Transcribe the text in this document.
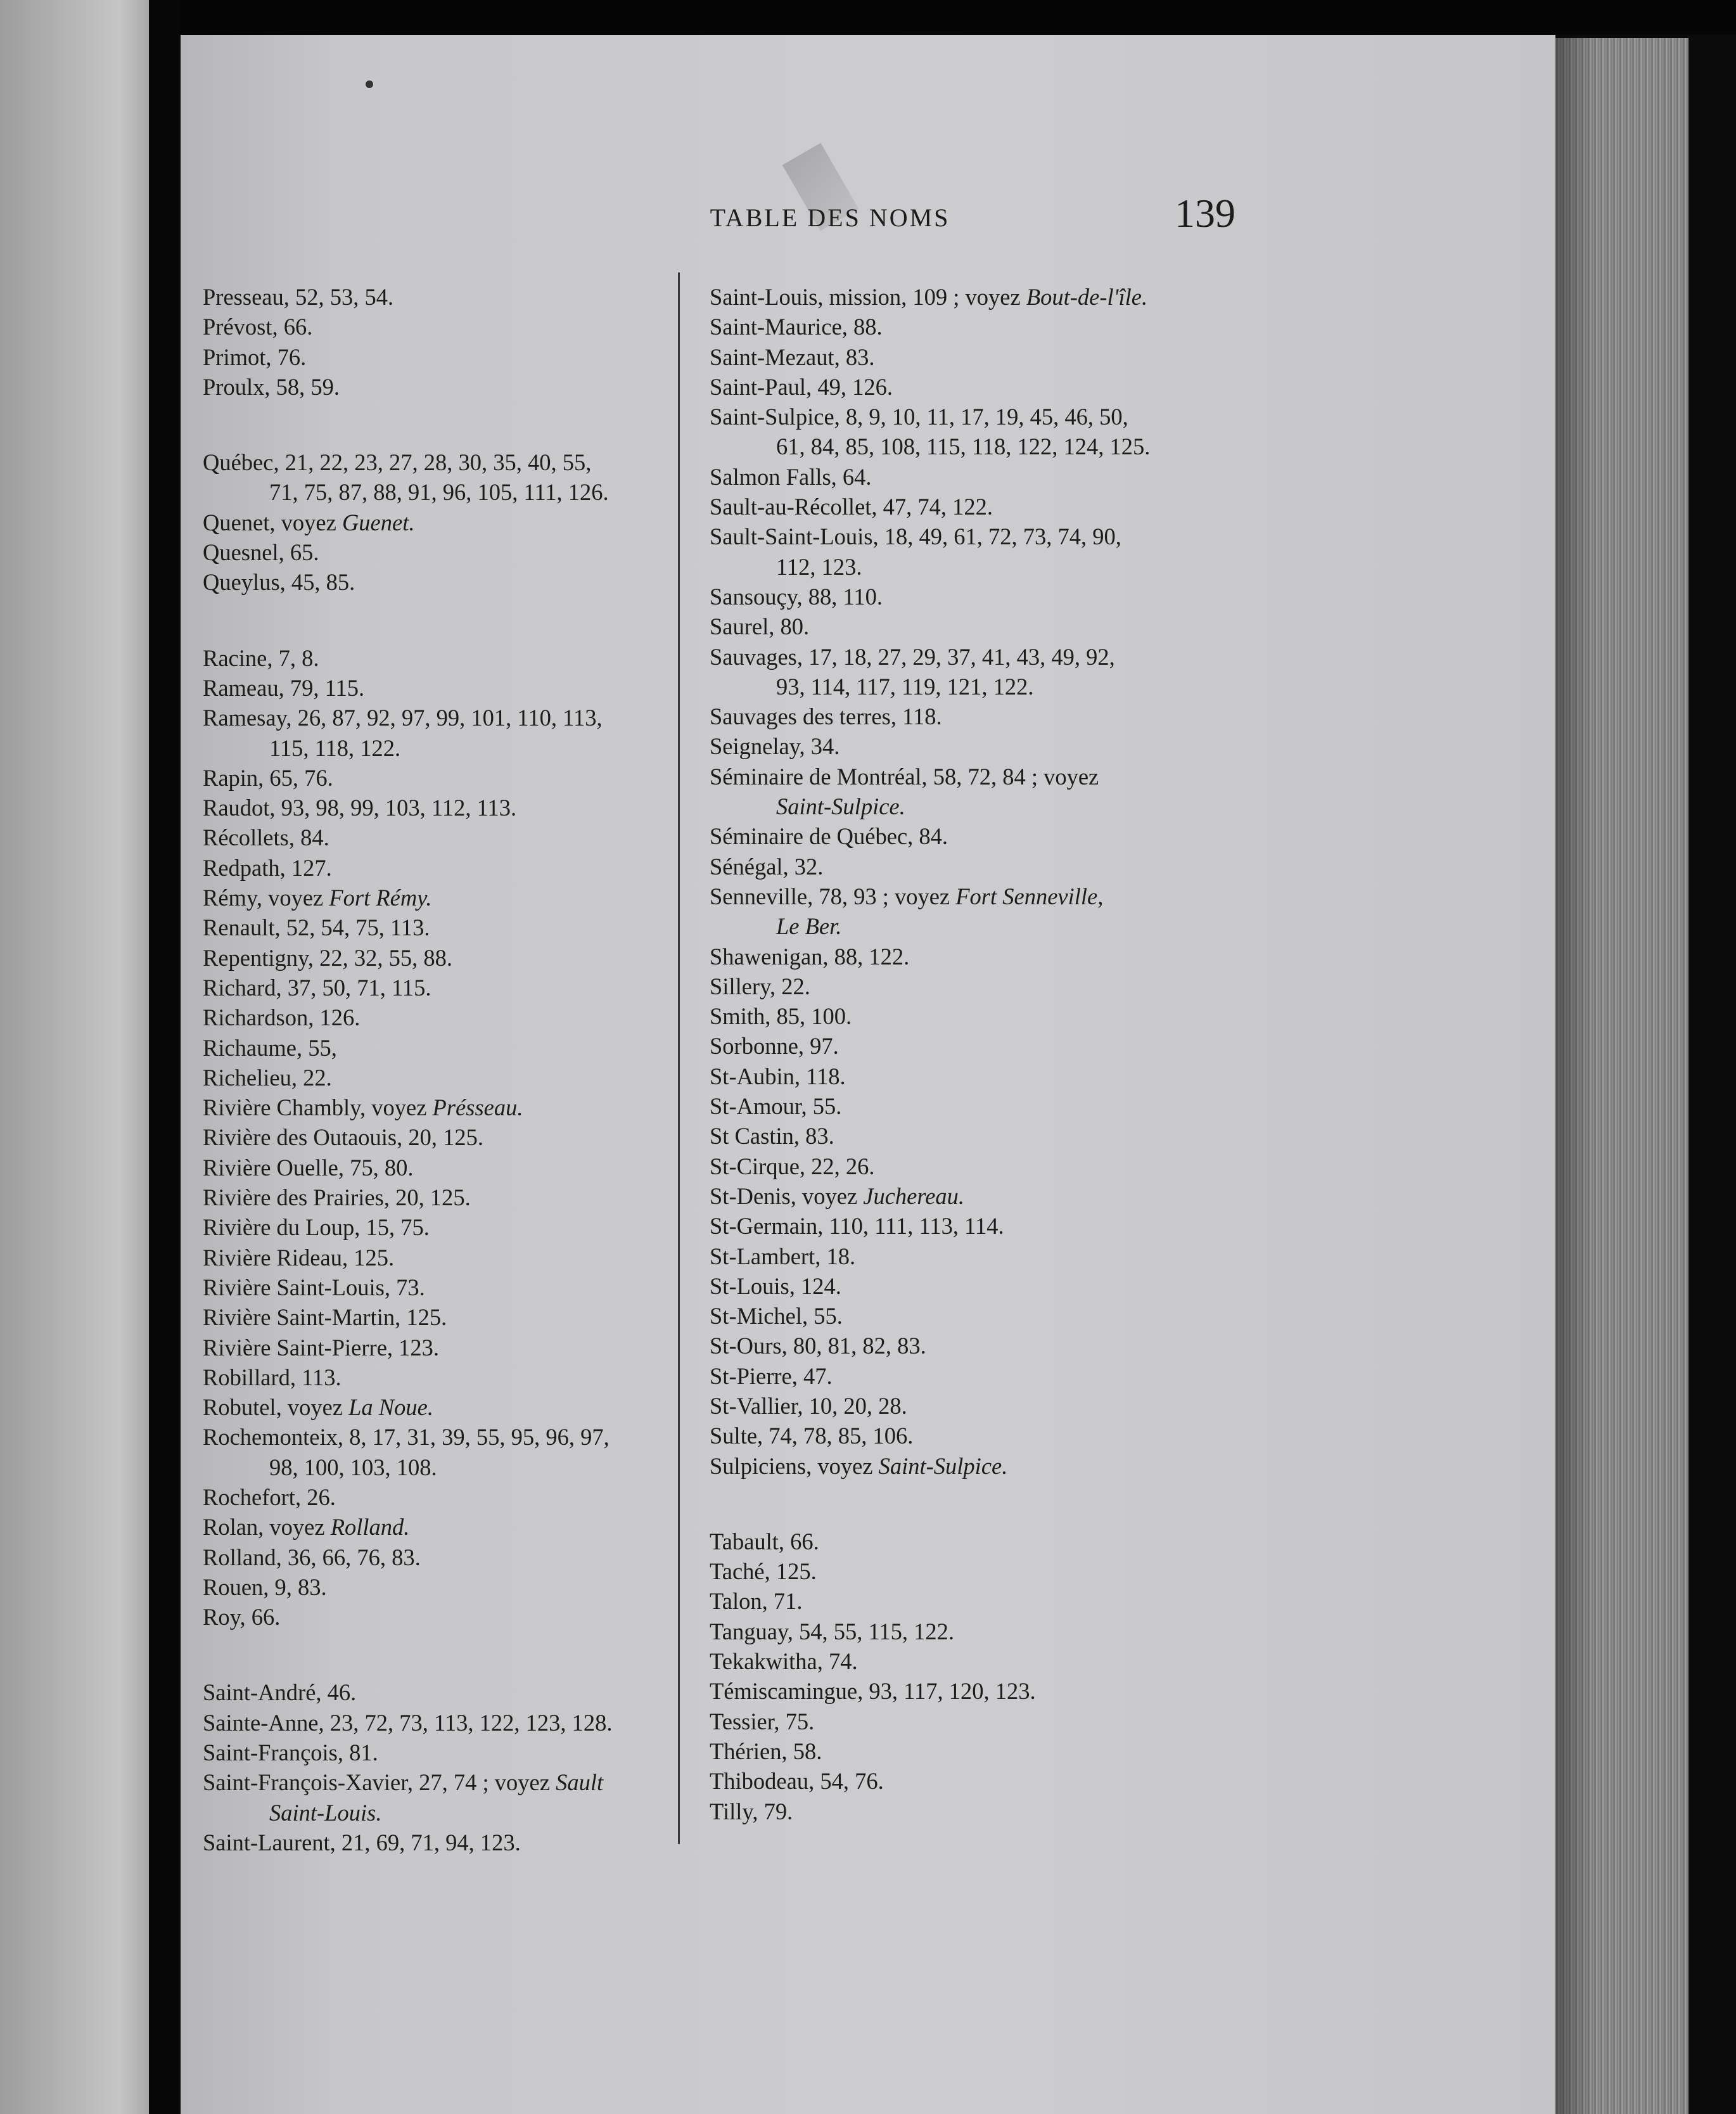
TABLE DES NOMS	139
Presseau, 52, 53, 54.
Prévost, 66.
Primot, 76.
Proulx, 58, 59.
Québec, 21, 22, 23, 27, 28, 30, 35, 40, 55,
71, 75, 87, 88, 91, 96, 105, 111, 126.
Quenet, voyez Guenet.
Quesnel, 65.
Queylus, 45, 85.
Racine, 7, 8.
Rameau, 79, 115.
Ramesay, 26, 87, 92, 97, 99, 101, 110, 113,
115, 118, 122.
Rapin, 65, 76.
Raudot, 93, 98, 99, 103, 112, 113.
Récollets, 84.
Redpath, 127.
Rémy, voyez Fort Rémy.
Renault, 52, 54, 75, 113.
Repentigny, 22, 32, 55, 88.
Richard, 37, 50, 71, 115.
Richardson, 126.
Richaume, 55,
Richelieu, 22.
Rivière Chambly, voyez Présseau.
Rivière des Outaouis, 20, 125.
Rivière Ouelle, 75, 80.
Rivière des Prairies, 20, 125.
Rivière du Loup, 15, 75.
Rivière Rideau, 125.
Rivière Saint-Louis, 73.
Rivière Saint-Martin, 125.
Rivière Saint-Pierre, 123.
Robillard, 113.
Robutel, voyez La Noue.
Rochemonteix, 8, 17, 31, 39, 55, 95, 96, 97,
98, 100, 103, 108.
Rochefort, 26.
Rolan, voyez Rolland.
Rolland, 36, 66, 76, 83.
Rouen, 9, 83.
Roy, 66.
Saint-André, 46.
Sainte-Anne, 23, 72, 73, 113, 122, 123, 128.
Saint-François, 81.
Saint-François-Xavier, 27, 74 ; voyez Sault
Saint-Louis.
Saint-Laurent, 21, 69, 71, 94, 123.
Saint-Louis, mission, 109 ; voyez Bout-de-l'île.
Saint-Maurice, 88.
Saint-Mezaut, 83.
Saint-Paul, 49, 126.
Saint-Sulpice, 8, 9, 10, 11, 17, 19, 45, 46, 50,
61, 84, 85, 108, 115, 118, 122, 124, 125.
Salmon Falls, 64.
Sault-au-Récollet, 47, 74, 122.
Sault-Saint-Louis, 18, 49, 61, 72, 73, 74, 90,
112, 123.
Sansouçy, 88, 110.
Saurel, 80.
Sauvages, 17, 18, 27, 29, 37, 41, 43, 49, 92,
93, 114, 117, 119, 121, 122.
Sauvages des terres, 118.
Seignelay, 34.
Séminaire de Montréal, 58, 72, 84 ; voyez
Saint-Sulpice.
Séminaire de Québec, 84.
Sénégal, 32.
Senneville, 78, 93 ; voyez Fort Senneville,
Le Ber.
Shawenigan, 88, 122.
Sillery, 22.
Smith, 85, 100.
Sorbonne, 97.
St-Aubin, 118.
St-Amour, 55.
St Castin, 83.
St-Cirque, 22, 26.
St-Denis, voyez Juchereau.
St-Germain, 110, 111, 113, 114.
St-Lambert, 18.
St-Louis, 124.
St-Michel, 55.
St-Ours, 80, 81, 82, 83.
St-Pierre, 47.
St-Vallier, 10, 20, 28.
Sulte, 74, 78, 85, 106.
Sulpiciens, voyez Saint-Sulpice.
Tabault, 66.
Taché, 125.
Talon, 71.
Tanguay, 54, 55, 115, 122.
Tekakwitha, 74.
Témiscamingue, 93, 117, 120, 123.
Tessier, 75.
Thérien, 58.
Thibodeau, 54, 76.
Tilly, 79.
